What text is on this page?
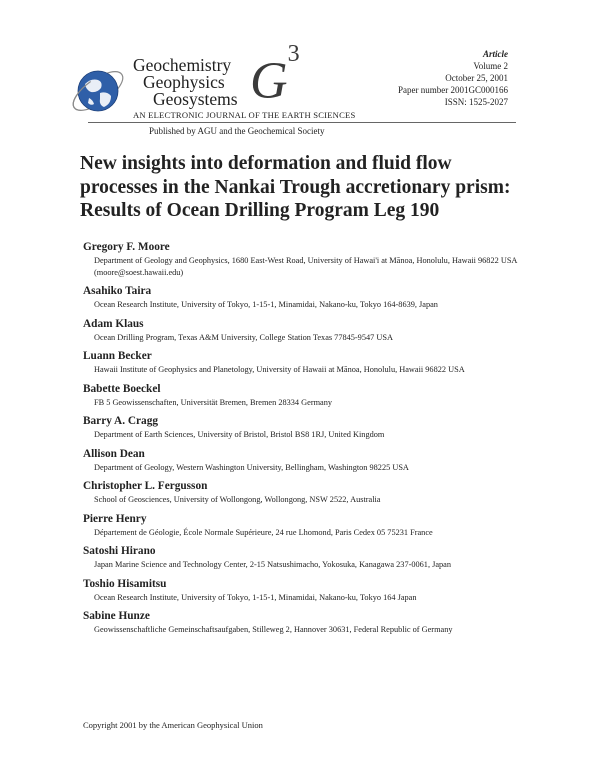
Geochemistry
Geophysics
Geosystems $G^3$
AN ELECTRONIC JOURNAL OF THE EARTH SCIENCES
Published by AGU and the Geochemical Society
Article
Volume 2
October 25, 2001
Paper number 2001GC000166
ISSN: 1525-2027
New insights into deformation and fluid flow processes in the Nankai Trough accretionary prism: Results of Ocean Drilling Program Leg 190
Gregory F. Moore
Department of Geology and Geophysics, 1680 East-West Road, University of Hawai'i at Mānoa, Honolulu, Hawaii 96822 USA (moore@soest.hawaii.edu)
Asahiko Taira
Ocean Research Institute, University of Tokyo, 1-15-1, Minamidai, Nakano-ku, Tokyo 164-8639, Japan
Adam Klaus
Ocean Drilling Program, Texas A&M University, College Station Texas 77845-9547 USA
Luann Becker
Hawaii Institute of Geophysics and Planetology, University of Hawaii at Mānoa, Honolulu, Hawaii 96822 USA
Babette Boeckel
FB 5 Geowissenschaften, Universität Bremen, Bremen 28334 Germany
Barry A. Cragg
Department of Earth Sciences, University of Bristol, Bristol BS8 1RJ, United Kingdom
Allison Dean
Department of Geology, Western Washington University, Bellingham, Washington 98225 USA
Christopher L. Fergusson
School of Geosciences, University of Wollongong, Wollongong, NSW 2522, Australia
Pierre Henry
Département de Géologie, École Normale Supérieure, 24 rue Lhomond, Paris Cedex 05 75231 France
Satoshi Hirano
Japan Marine Science and Technology Center, 2-15 Natsushimacho, Yokosuka, Kanagawa 237-0061, Japan
Toshio Hisamitsu
Ocean Research Institute, University of Tokyo, 1-15-1, Minamidai, Nakano-ku, Tokyo 164 Japan
Sabine Hunze
Geowissenschaftliche Gemeinschaftsaufgaben, Stilleweg 2, Hannover 30631, Federal Republic of Germany
Copyright 2001 by the American Geophysical Union
